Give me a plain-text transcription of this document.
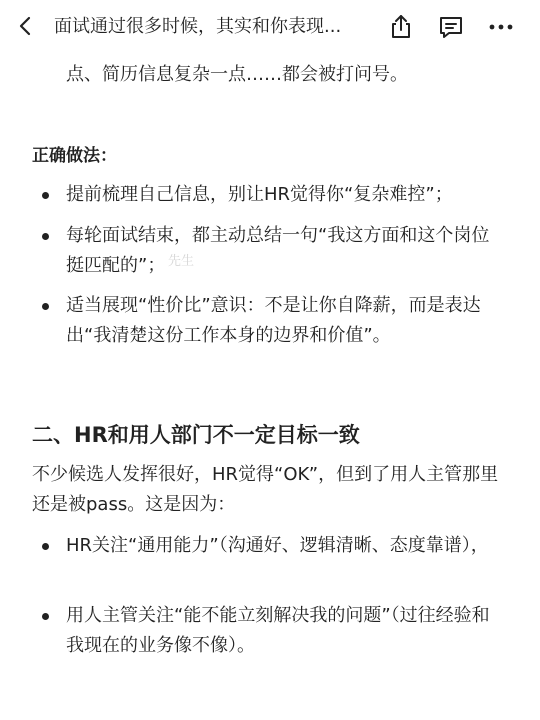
面试通过很多时候，其实和你表现...
点、简历信息复杂一点……都会被打问号。
正确做法：
提前梳理自己信息，别让HR觉得你“复杂难控”；
每轮面试结束，都主动总结一句“我这方面和这个岗位挺匹配的”；
适当展现“性价比”意识：不是让你自降薪，而是表达出“我清楚这份工作本身的边界和价值”。
先生
二、HR和用人部门不一定目标一致
不少候选人发挥很好，HR觉得“OK”，但到了用人主管那里还是被pass。这是因为：
HR关注“通用能力”（沟通好、逻辑清晰、态度靠谱），
用人主管关注“能不能立刻解决我的问题”（过往经验和我现在的业务像不像）。
